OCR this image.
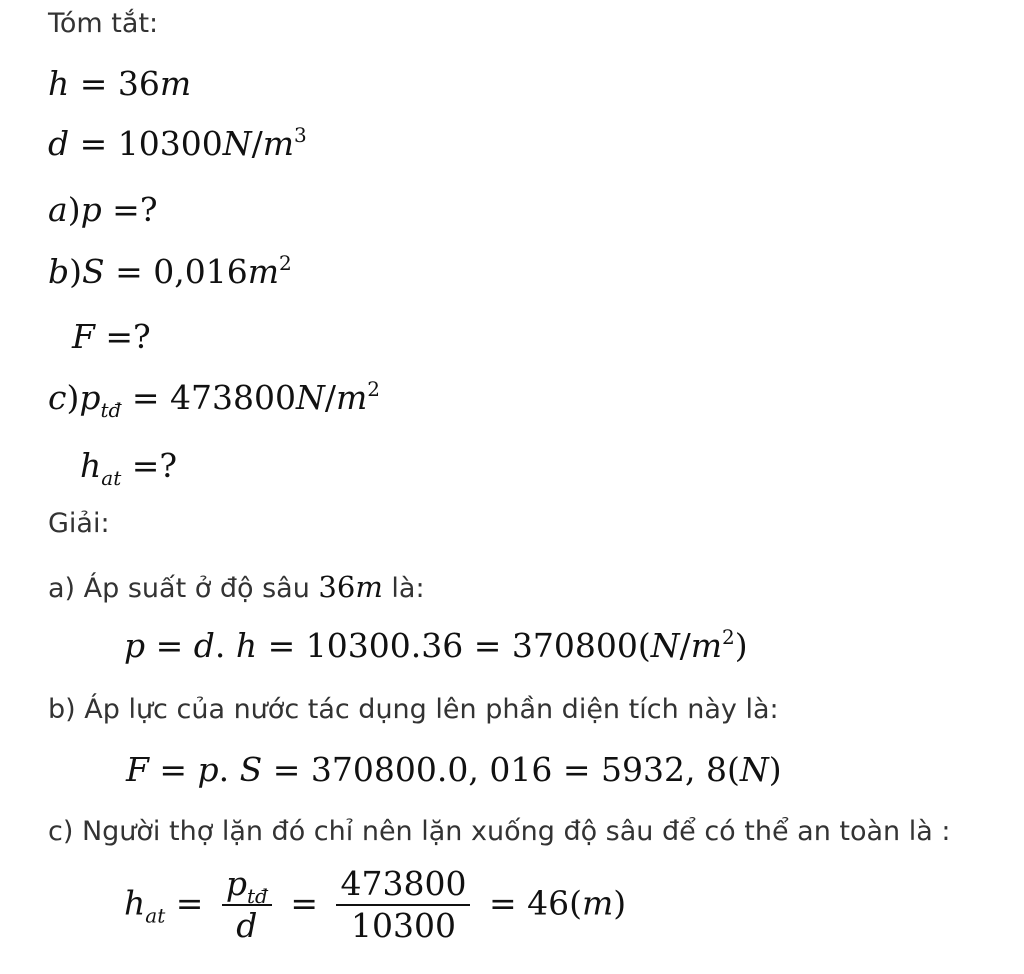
Tóm tắt:
h = 36m
$d = 10300N/m^3$
a)p =?
$b)S = 0,016m^2$
F =?
$c)p_{tđ} = 473800N/m^2$
$h_{at}$ =?
Giải:
a) Áp suất ở độ sâu 36m là:
p = d. $h = 10300.36 = 370800(N/m^2)$
b) Áp lực của nước tác dụng lên phần diện tích này là:
F = p. S = 370800.0, 016 = 5932, 8(N)
c) Người thợ lặn đó chỉ nên lặn xuống độ sâu để có thể an toàn là :
$h_{at} = \frac{p_{tđ}}{d} = \frac{473800}{10300} = 46(m)$
